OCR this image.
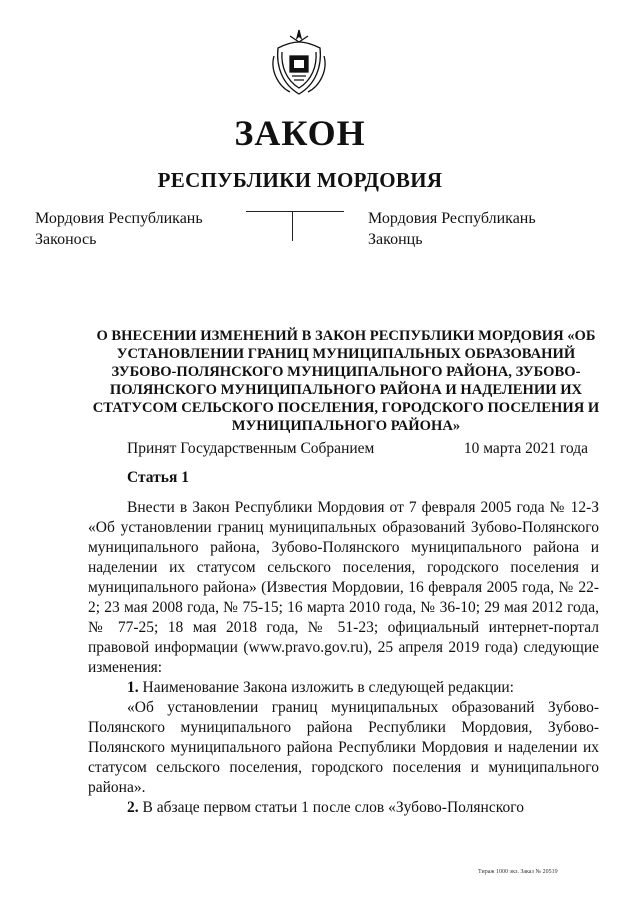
ЗАКОН
РЕСПУБЛИКИ МОРДОВИЯ
Мордовия Республикань
Законось
Мордовия Республикань
Законць
О ВНЕСЕНИИ ИЗМЕНЕНИЙ В ЗАКОН РЕСПУБЛИКИ МОРДОВИЯ «ОБ УСТАНОВЛЕНИИ ГРАНИЦ МУНИЦИПАЛЬНЫХ ОБРАЗОВАНИЙ ЗУБОВО-ПОЛЯНСКОГО МУНИЦИПАЛЬНОГО РАЙОНА, ЗУБОВО-ПОЛЯНСКОГО МУНИЦИПАЛЬНОГО РАЙОНА И НАДЕЛЕНИИ ИХ СТАТУСОМ СЕЛЬСКОГО ПОСЕЛЕНИЯ, ГОРОДСКОГО ПОСЕЛЕНИЯ И МУНИЦИПАЛЬНОГО РАЙОНА»
Принят Государственным Собранием	10 марта 2021 года
Статья 1

Внести в Закон Республики Мордовия от 7 февраля 2005 года № 12-З «Об установлении границ муниципальных образований Зубово-Полянского муниципального района, Зубово-Полянского муниципального района и наделении их статусом сельского поселения, городского поселения и муниципального района» (Известия Мордовии, 16 февраля 2005 года, № 22-2; 23 мая 2008 года, № 75-15; 16 марта 2010 года, № 36-10; 29 мая 2012 года, № 77-25; 18 мая 2018 года, № 51-23; официальный интернет-портал правовой информации (www.pravo.gov.ru), 25 апреля 2019 года) следующие изменения:

1. Наименование Закона изложить в следующей редакции:

«Об установлении границ муниципальных образований Зубово-Полянского муниципального района Республики Мордовия, Зубово-Полянского муниципального района Республики Мордовия и наделении их статусом сельского поселения, городского поселения и муниципального района».

2. В абзаце первом статьи 1 после слов «Зубово-Полянского

Тираж 1000 экз. Заказ № 20519
